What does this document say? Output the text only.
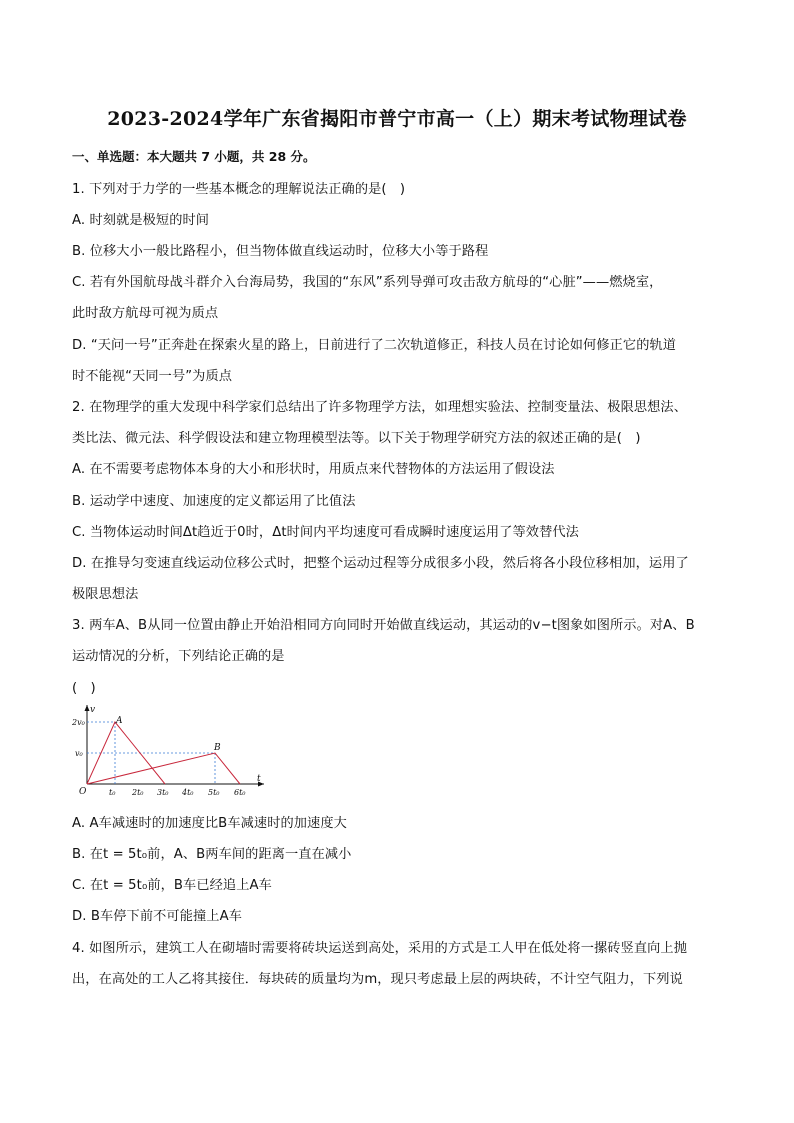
2023-2024学年广东省揭阳市普宁市高一（上）期末考试物理试卷
一、单选题：本大题共 7 小题，共 28 分。
1. 下列对于力学的一些基本概念的理解说法正确的是(　)
A. 时刻就是极短的时间
B. 位移大小一般比路程小，但当物体做直线运动时，位移大小等于路程
C. 若有外国航母战斗群介入台海局势，我国的“东风”系列导弹可攻击敌方航母的“心脏”——燃烧室，
此时敌方航母可视为质点
D. “天问一号”正奔赴在探索火星的路上，日前进行了二次轨道修正，科技人员在讨论如何修正它的轨道
时不能视“天同一号”为质点
2. 在物理学的重大发现中科学家们总结出了许多物理学方法，如理想实验法、控制变量法、极限思想法、
类比法、微元法、科学假设法和建立物理模型法等。以下关于物理学研究方法的叙述正确的是(　)
A. 在不需要考虑物体本身的大小和形状时，用质点来代替物体的方法运用了假设法
B. 运动学中速度、加速度的定义都运用了比值法
C. 当物体运动时间Δt趋近于0时，Δt时间内平均速度可看成瞬时速度运用了等效替代法
D. 在推导匀变速直线运动位移公式时，把整个运动过程等分成很多小段，然后将各小段位移相加，运用了
极限思想法
3. 两车A、B从同一位置由静止开始沿相同方向同时开始做直线运动，其运动的v−t图象如图所示。对A、B
运动情况的分析，下列结论正确的是
(　)
v
2v₀
v₀
O	t₀ 2t₀ 3t₀ 4t₀ 5t₀ 6t₀
t
A
B
A. A车减速时的加速度比B车减速时的加速度大
B. 在t = 5t₀前，A、B两车间的距离一直在减小
C. 在t = 5t₀前，B车已经追上A车
D. B车停下前不可能撞上A车
4. 如图所示，建筑工人在砌墙时需要将砖块运送到高处，采用的方式是工人甲在低处将一摞砖竖直向上抛
出，在高处的工人乙将其接住．每块砖的质量均为m，现只考虑最上层的两块砖，不计空气阻力，下列说
